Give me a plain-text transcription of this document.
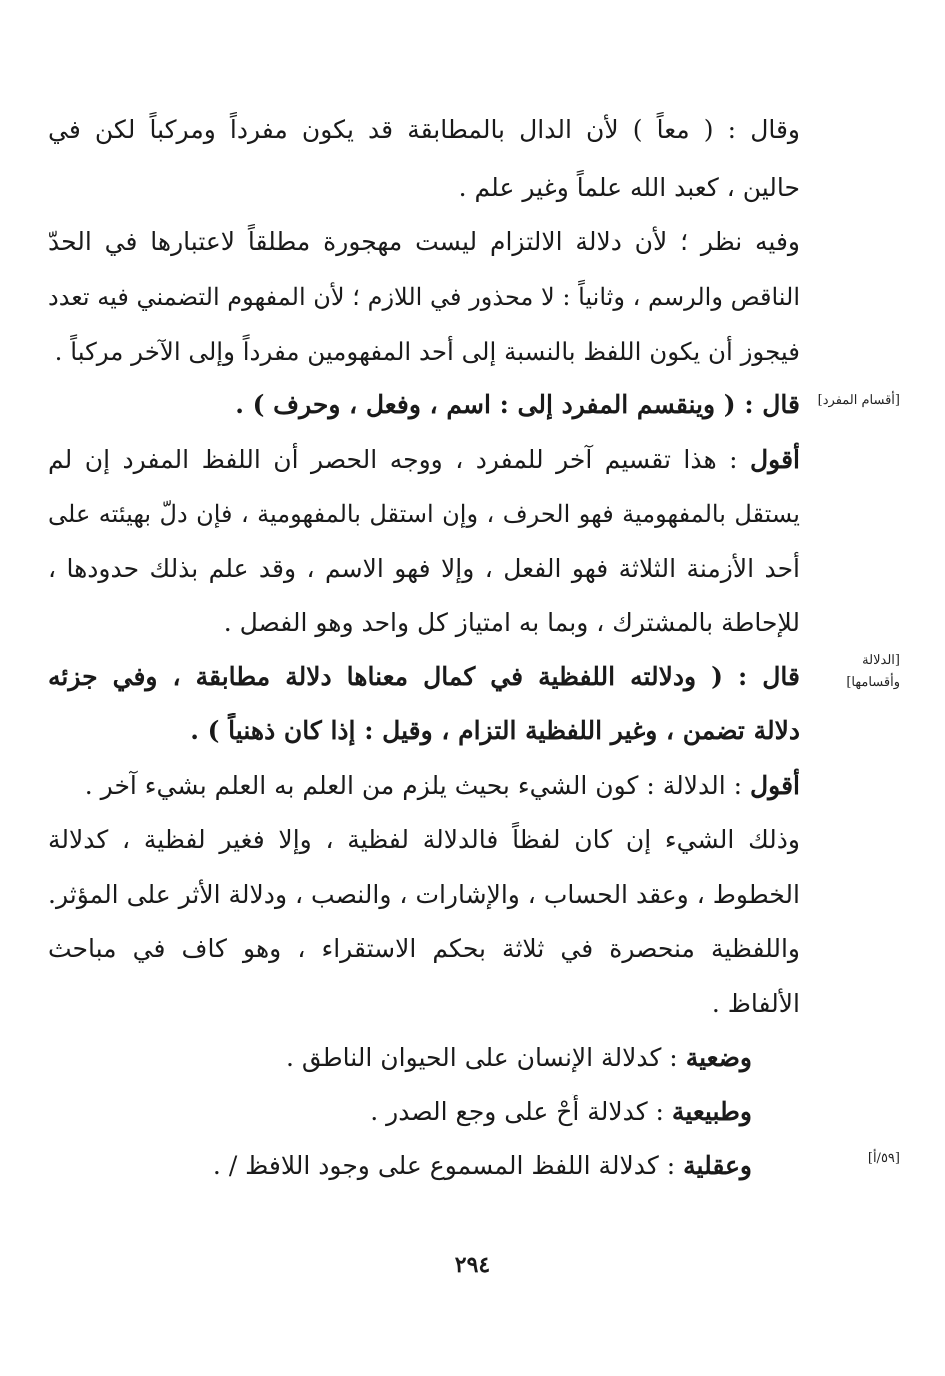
وقال : ( معاً ) لأن الدال بالمطابقة قد يكون مفرداً ومركباً لكن في
حالين ، كعبد الله علماً وغير علم .
وفيه نظر ؛ لأن دلالة الالتزام ليست مهجورة مطلقاً لاعتبارها في الحدّ
الناقص والرسم ، وثانياً : لا محذور في اللازم ؛ لأن المفهوم التضمني فيه تعدد
فيجوز أن يكون اللفظ بالنسبة إلى أحد المفهومين مفرداً وإلى الآخر مركباً .
قال : ( وينقسم المفرد إلى : اسم ، وفعل ، وحرف ) .
أقول : هذا تقسيم آخر للمفرد ، ووجه الحصر أن اللفظ المفرد إن لم
يستقل بالمفهومية فهو الحرف ، وإن استقل بالمفهومية ، فإن دلّ بهيئته على
أحد الأزمنة الثلاثة فهو الفعل ، وإلا فهو الاسم ، وقد علم بذلك حدودها ،
للإحاطة بالمشترك ، وبما به امتياز كل واحد وهو الفصل .
قال : ( ودلالته اللفظية في كمال معناها دلالة مطابقة ، وفي جزئه
دلالة تضمن ، وغير اللفظية التزام ، وقيل : إذا كان ذهنياً ) .
أقول : الدلالة : كون الشيء بحيث يلزم من العلم به العلم بشيء آخر .
وذلك الشيء إن كان لفظاً فالدلالة لفظية ، وإلا فغير لفظية ، كدلالة
الخطوط ، وعقد الحساب ، والإشارات ، والنصب ، ودلالة الأثر على المؤثر.
واللفظية منحصرة في ثلاثة بحكم الاستقراء ، وهو كاف في مباحث
الألفاظ .
وضعية : كدلالة الإنسان على الحيوان الناطق .
وطبيعية : كدلالة أُحْ على وجع الصدر .
وعقلية : كدلالة اللفظ المسموع على وجود اللافظ / .
[أقسام المفرد]
[الدلالة وأقسامها]
[٥٩/أ]
٢٩٤
